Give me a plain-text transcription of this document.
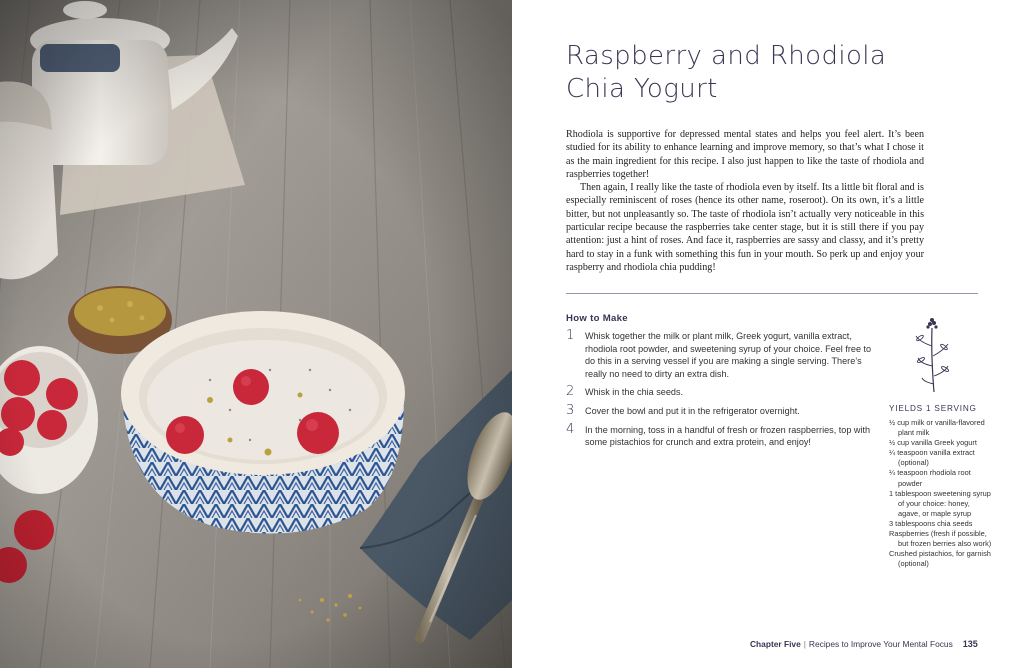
Raspberry and Rhodiola
Chia Yogurt

Rhodiola is supportive for depressed mental states and helps you feel alert. It’s been studied for its ability to enhance learning and improve memory, so that’s what I chose it as the main ingredient for this recipe. I also just happen to like the taste of rhodiola and raspberries together!

Then again, I really like the taste of rhodiola even by itself. Its a little bit floral and is especially reminiscent of roses (hence its other name, roseroot). On its own, it’s a little bitter, but not unpleasantly so. The taste of rhodiola isn’t actually very noticeable in this particular recipe because the raspberries take center stage, but it is still there if you pay attention: just a hint of roses. And face it, raspberries are sassy and classy, and it’s pretty hard to stay in a funk with something this fun in your mouth. So perk up and enjoy your raspberry and rhodiola chia pudding!

How to Make
1 Whisk together the milk or plant milk, Greek yogurt, vanilla extract, rhodiola root powder, and sweetening syrup of your choice. Feel free to do this in a serving vessel if you are making a single serving. There’s really no need to dirty an extra dish.
2 Whisk in the chia seeds.
3 Cover the bowl and put it in the refrigerator overnight.
4 In the morning, toss in a handful of fresh or frozen raspberries, top with some pistachios for crunch and extra protein, and enjoy!
YIELDS 1 SERVING
½ cup milk or vanilla-flavored plant milk
½ cup vanilla Greek yogurt
¼ teaspoon vanilla extract (optional)
¼ teaspoon rhodiola root powder
1 tablespoon sweetening syrup of your choice: honey, agave, or maple syrup
3 tablespoons chia seeds
Raspberries (fresh if possible, but frozen berries also work)
Crushed pistachios, for garnish (optional)
Chapter Five | Recipes to Improve Your Mental Focus 135
